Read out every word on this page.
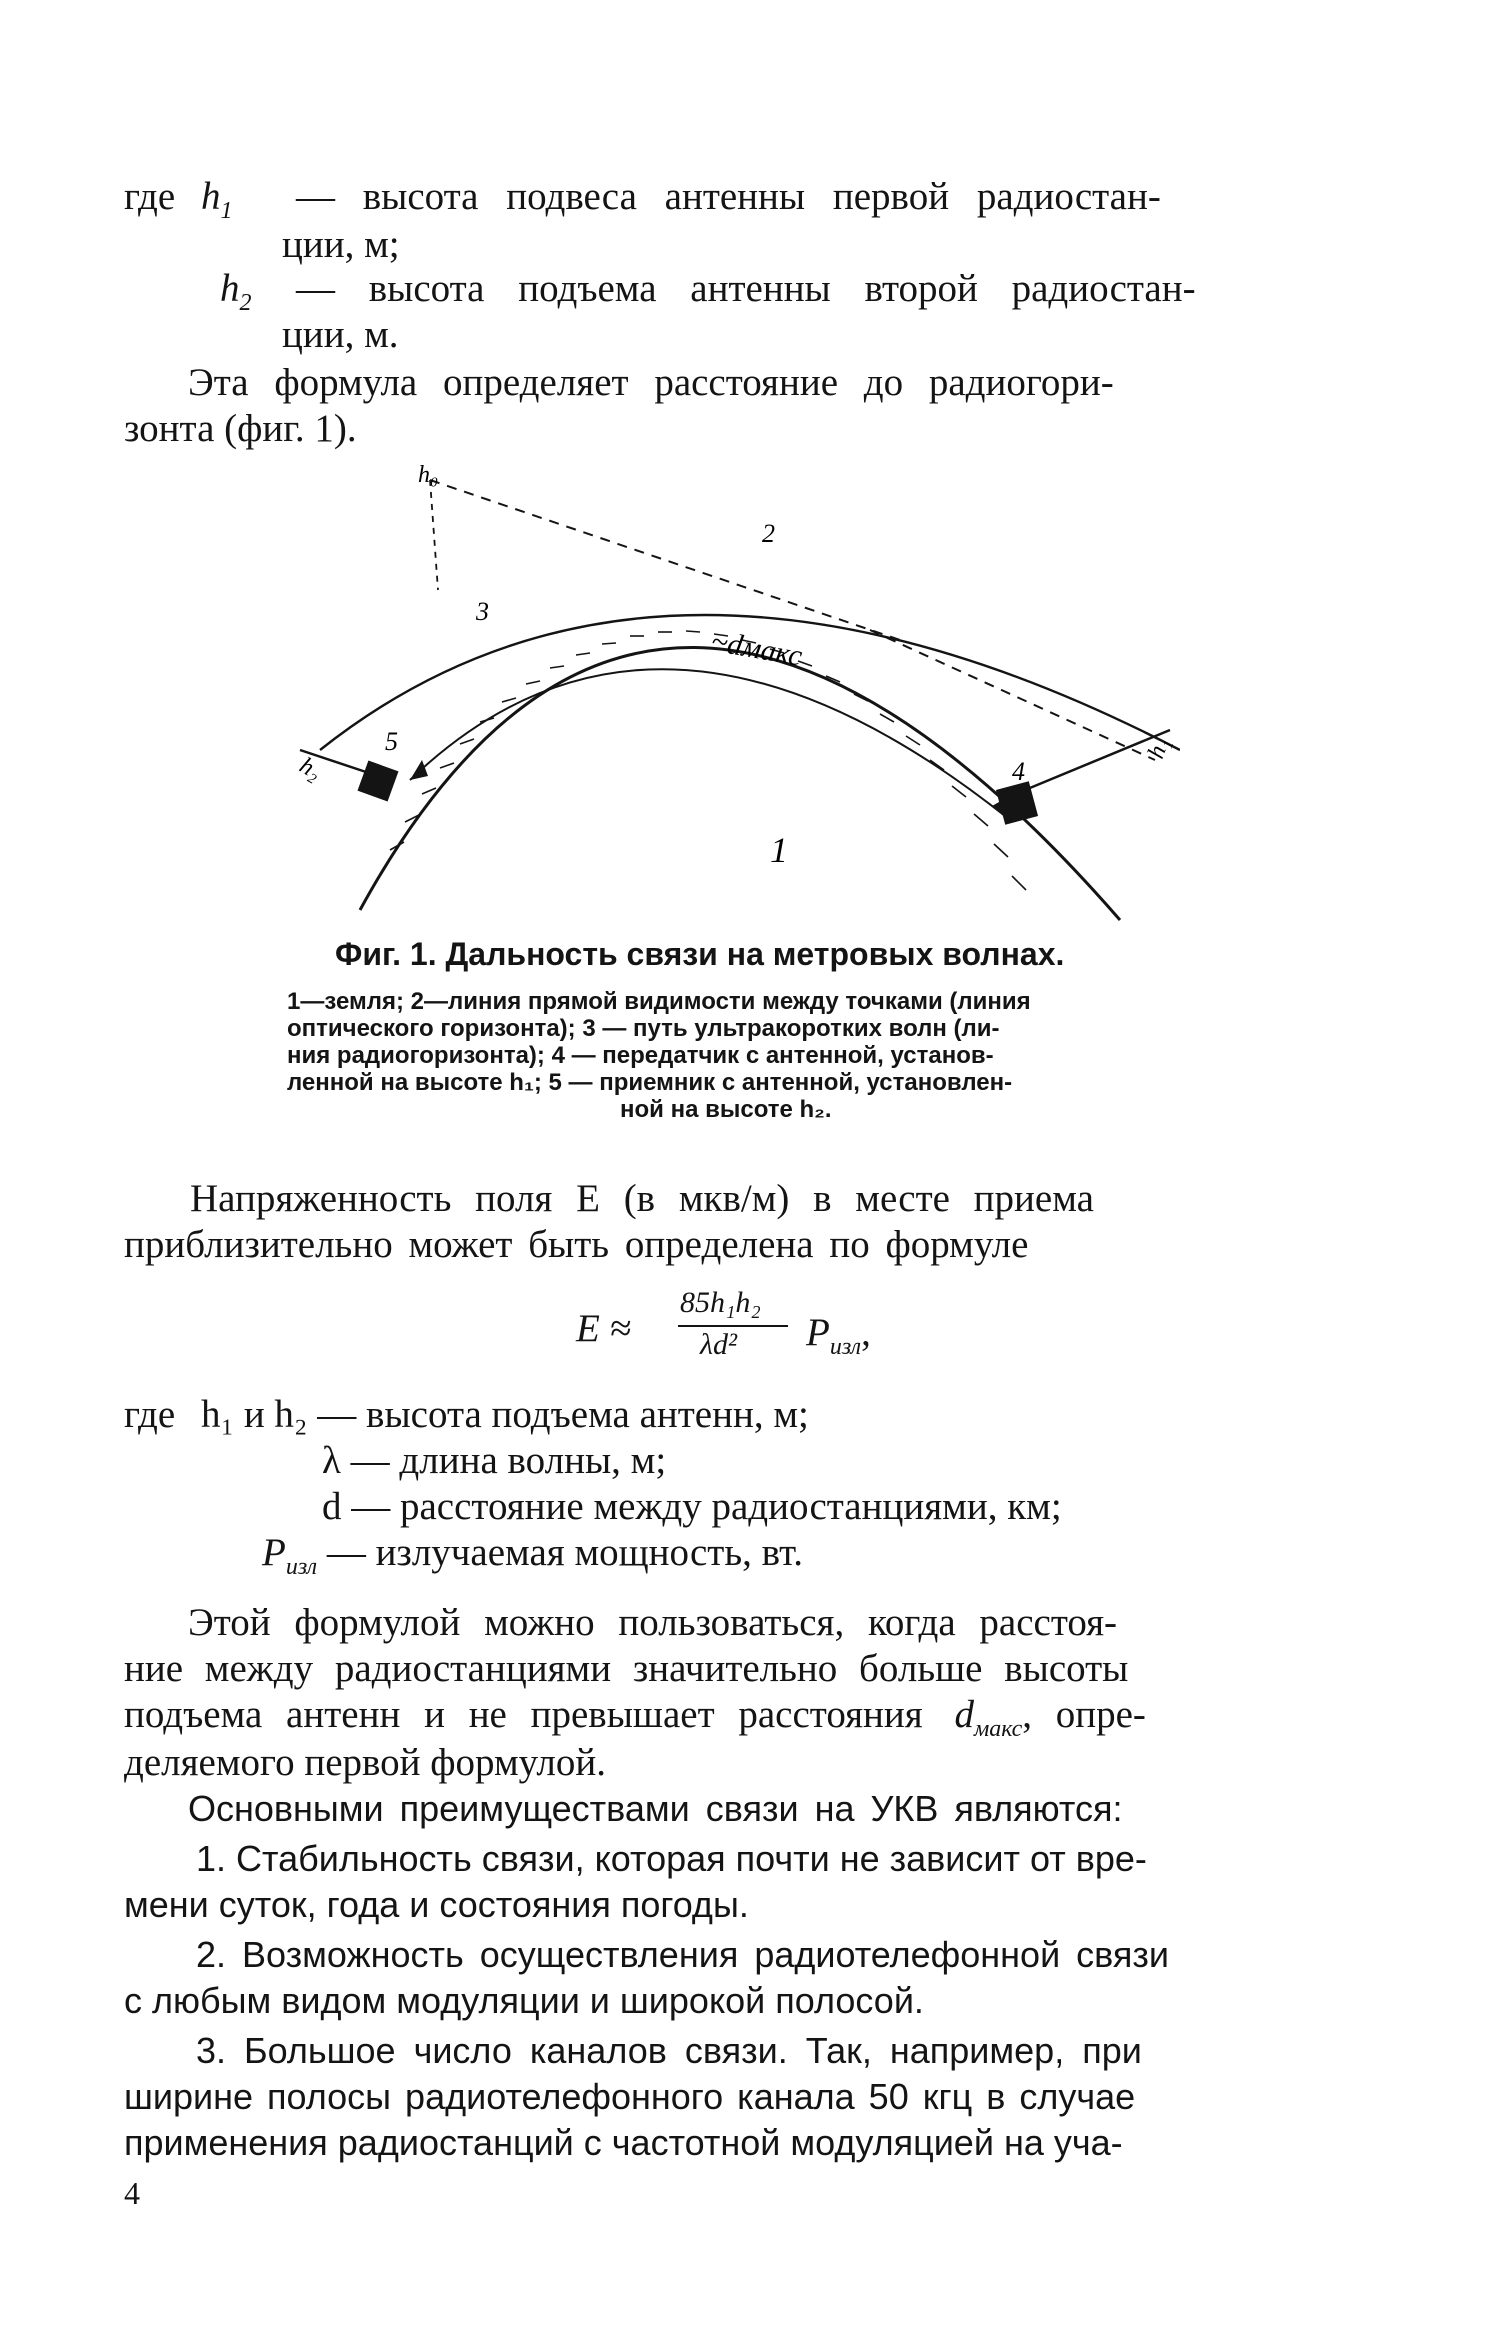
где $h_1$ — высота подвеса антенны первой радиостан-
ции, м;
$h_2$ — высота подъема антенны второй радиостан-
ции, м.
Эта формула определяет расстояние до радиогори-
зонта (фиг. 1).
h₀
2
3
~dмакс
h₂
5
4
h₁
1
Фиг. 1. Дальность связи на метровых волнах.
1—земля; 2—линия прямой видимости между точками (линия
оптического горизонта); 3 — путь ультракоротких волн (ли-
ния радиогоризонта); 4 — передатчик с антенной, установ-
ленной на высоте h₁; 5 — приемник с антенной, установлен-
ной на высоте h₂.
Напряженность поля E (в мкв/м) в месте приема
приблизительно может быть определена по формуле
E ≈
85h₁h₂
λd² $P_{изл}$,
где h₁ и h₂ — высота подъема антенн, м;
λ — длина волны, м;
d — расстояние между радиостанциями, км;
$P_{изл}$ — излучаемая мощность, вт.
Этой формулой можно пользоваться, когда расстоя-
ние между радиостанциями значительно больше высоты
подъема антенн и не превышает расстояния $d_{макс}$, опре-
деляемого первой формулой.
Основными преимуществами связи на УКВ являются:
1. Стабильность связи, которая почти не зависит от вре-
мени суток, года и состояния погоды.
2. Возможность осуществления радиотелефонной связи
с любым видом модуляции и широкой полосой.
3. Большое число каналов связи. Так, например, при
ширине полосы радиотелефонного канала 50 кгц в случае
применения радиостанций с частотной модуляцией на уча-
4
